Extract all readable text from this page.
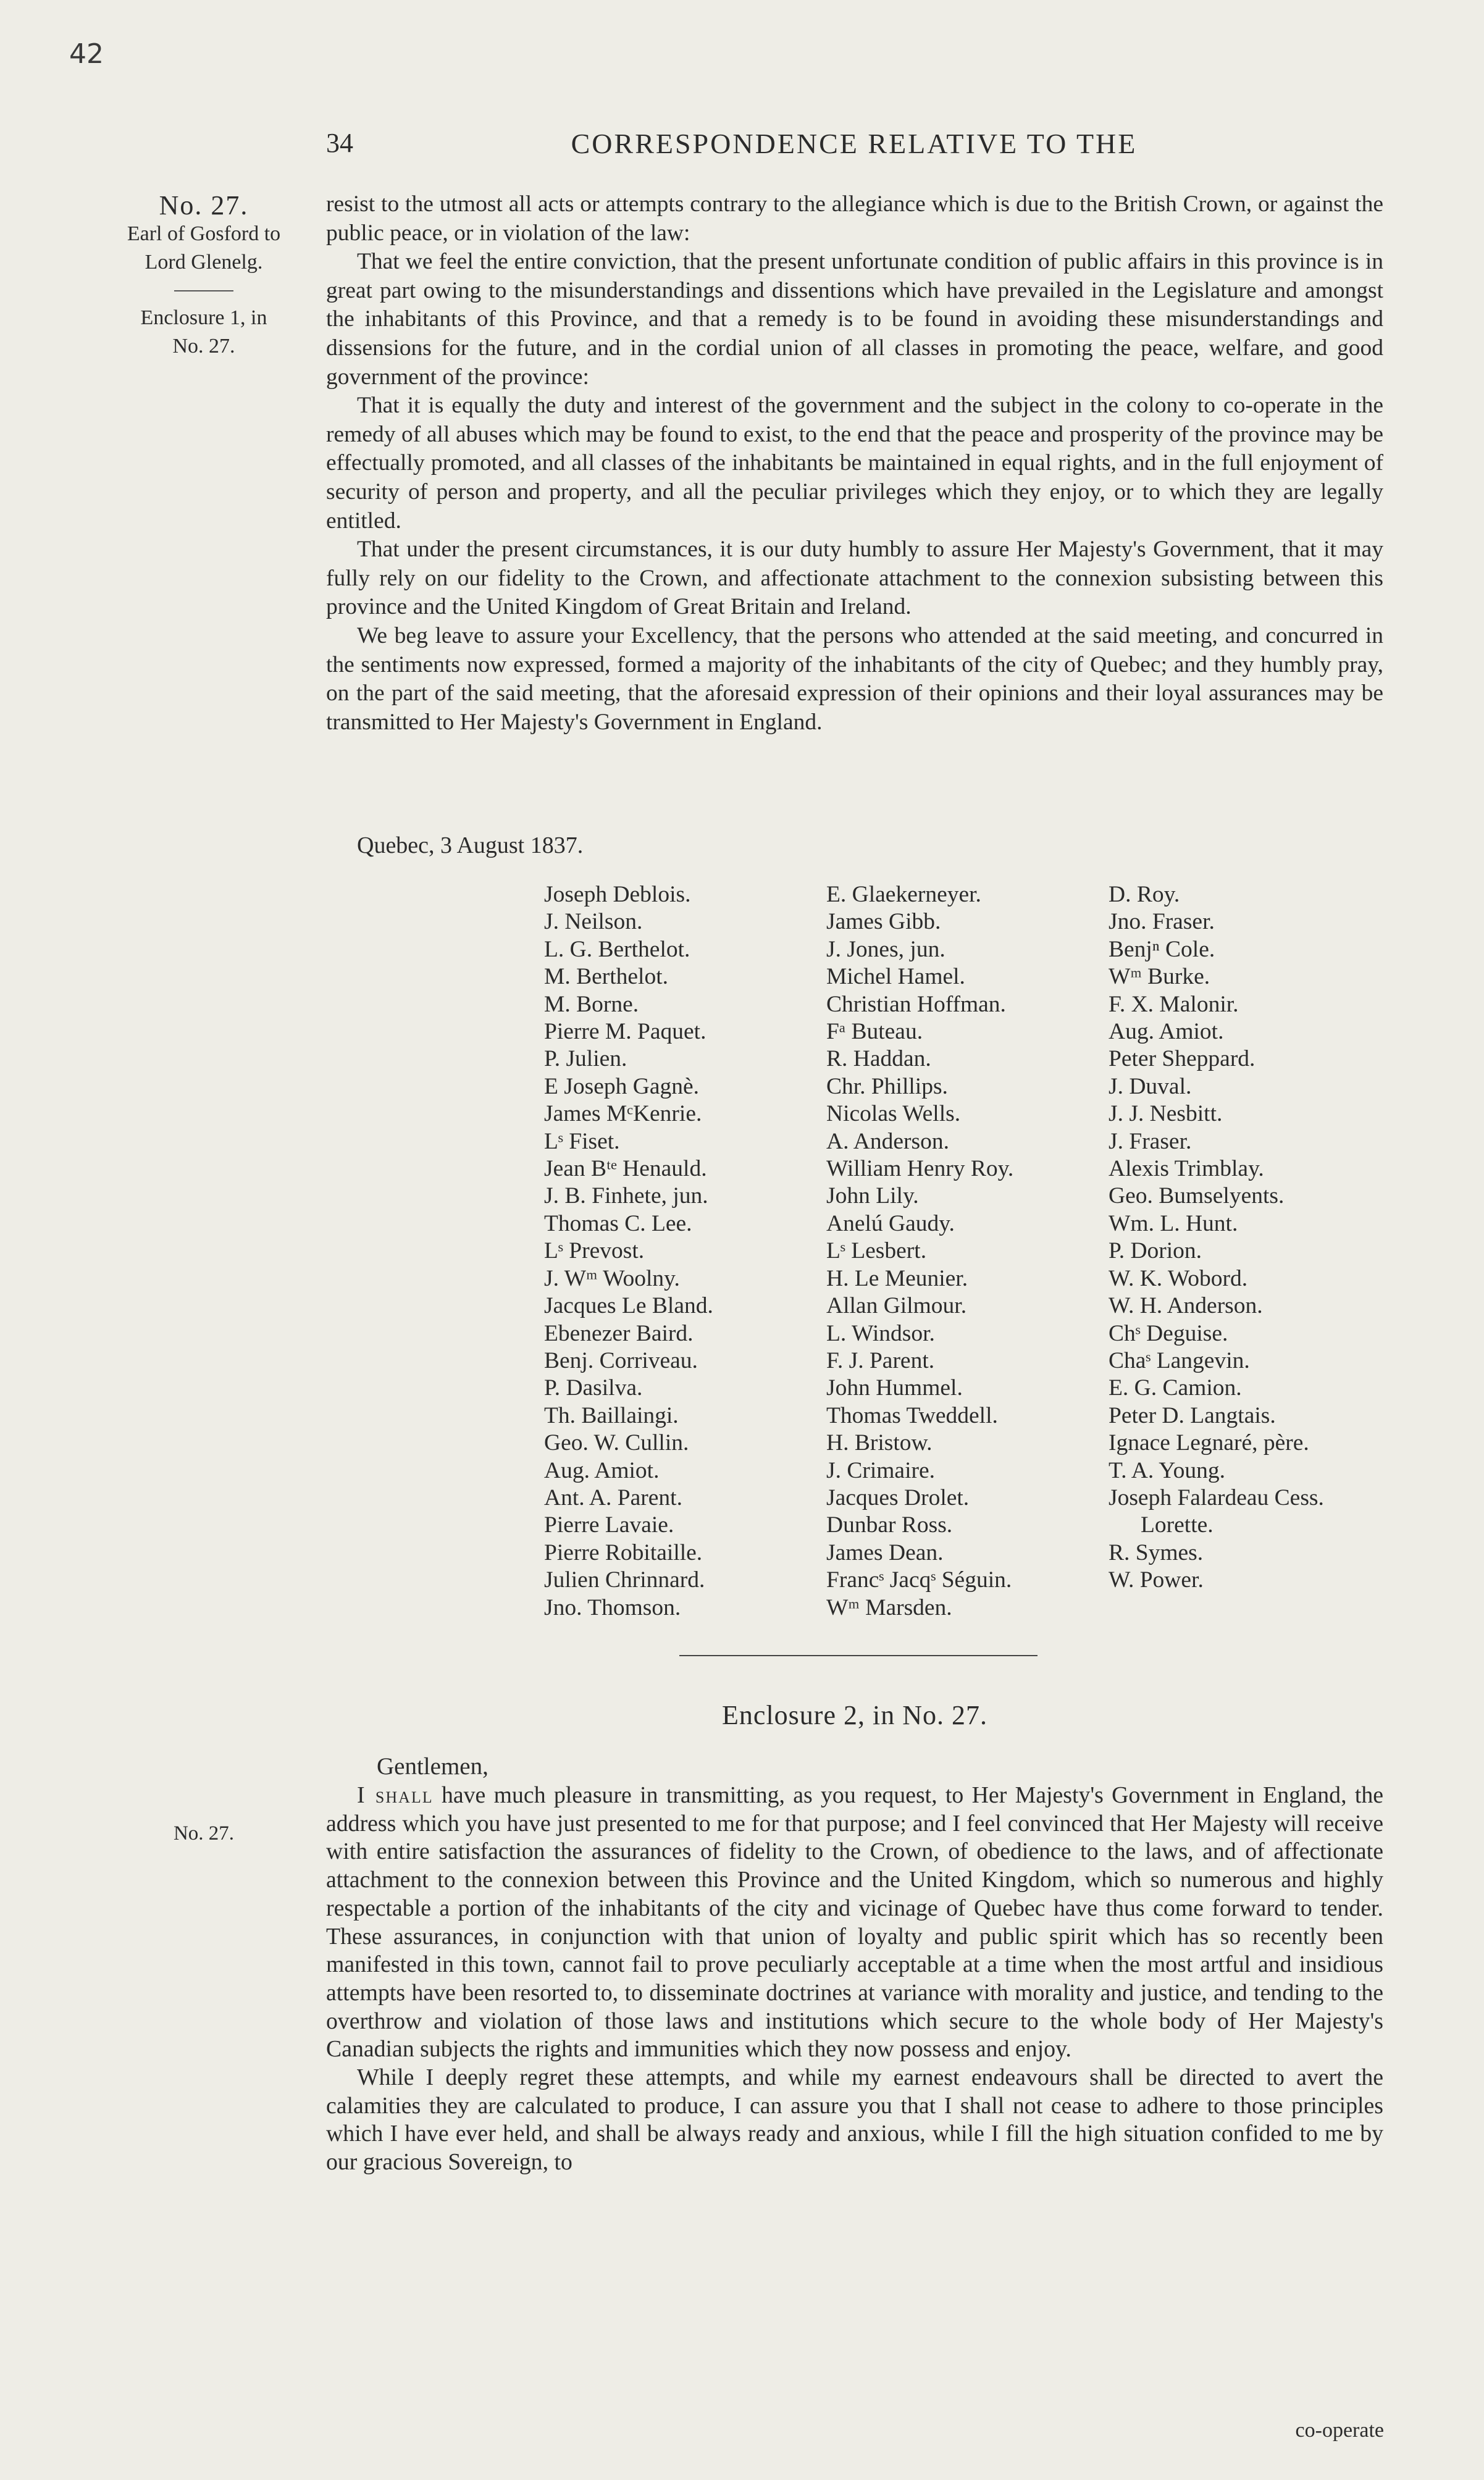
42
34	CORRESPONDENCE RELATIVE TO THE
No. 27.
Earl of Gosford to
Lord Glenelg.
Enclosure 1, in
No. 27.

resist to the utmost all acts or attempts contrary to the allegiance which is due to the British Crown, or against the public peace, or in violation of the law:

That we feel the entire conviction, that the present unfortunate condition of public affairs in this province is in great part owing to the misunderstandings and dissentions which have prevailed in the Legislature and amongst the inhabitants of this Province, and that a remedy is to be found in avoiding these misunderstandings and dissensions for the future, and in the cordial union of all classes in promoting the peace, welfare, and good government of the province:

That it is equally the duty and interest of the government and the subject in the colony to co-operate in the remedy of all abuses which may be found to exist, to the end that the peace and prosperity of the province may be effectually promoted, and all classes of the inhabitants be maintained in equal rights, and in the full enjoyment of security of person and property, and all the peculiar privileges which they enjoy, or to which they are legally entitled.

That under the present circumstances, it is our duty humbly to assure Her Majesty's Government, that it may fully rely on our fidelity to the Crown, and affectionate attachment to the connexion subsisting between this province and the United Kingdom of Great Britain and Ireland.

We beg leave to assure your Excellency, that the persons who attended at the said meeting, and concurred in the sentiments now expressed, formed a majority of the inhabitants of the city of Quebec; and they humbly pray, on the part of the said meeting, that the aforesaid expression of their opinions and their loyal assurances may be transmitted to Her Majesty's Government in England.

Quebec, 3 August 1837.
Joseph Deblois.
J. Neilson.
L. G. Berthelot.
M. Berthelot.
M. Borne.
Pierre M. Paquet.
P. Julien.
E Joseph Gagnè.
James MᶜKenrie.
Lˢ Fiset.
Jean Bᵗᵉ Henauld.
J. B. Finhete, jun.
Thomas C. Lee.
Lˢ Prevost.
J. Wᵐ Woolny.
Jacques Le Bland.
Ebenezer Baird.
Benj. Corriveau.
P. Dasilva.
Th. Baillaingi.
Geo. W. Cullin.
Aug. Amiot.
Ant. A. Parent.
Pierre Lavaie.
Pierre Robitaille.
Julien Chrinnard.
Jno. Thomson.
E. Glaekerneyer.
James Gibb.
J. Jones, jun.
Michel Hamel.
Christian Hoffman.
Fᵃ Buteau.
R. Haddan.
Chr. Phillips.
Nicolas Wells.
A. Anderson.
William Henry Roy.
John Lily.
Anelú Gaudy.
Lˢ Lesbert.
H. Le Meunier.
Allan Gilmour.
L. Windsor.
F. J. Parent.
John Hummel.
Thomas Tweddell.
H. Bristow.
J. Crimaire.
Jacques Drolet.
Dunbar Ross.
James Dean.
Francˢ Jacqˢ Séguin.
Wᵐ Marsden.
D. Roy.
Jno. Fraser.
Benjⁿ Cole.
Wᵐ Burke.
F. X. Malonir.
Aug. Amiot.
Peter Sheppard.
J. Duval.
J. J. Nesbitt.
J. Fraser.
Alexis Trimblay.
Geo. Bumselyents.
Wm. L. Hunt.
P. Dorion.
W. K. Wobord.
W. H. Anderson.
Chˢ Deguise.
Chaˢ Langevin.
E. G. Camion.
Peter D. Langtais.
Ignace Legnaré, père.
T. A. Young.
Joseph Falardeau Cess.
Lorette.
R. Symes.
W. Power.
Enclosure 2, in No. 27.
Gentlemen,
No. 27.

I shall have much pleasure in transmitting, as you request, to Her Majesty's Government in England, the address which you have just presented to me for that purpose; and I feel convinced that Her Majesty will receive with entire satisfaction the assurances of fidelity to the Crown, of obedience to the laws, and of affectionate attachment to the connexion between this Province and the United Kingdom, which so numerous and highly respectable a portion of the inhabitants of the city and vicinage of Quebec have thus come forward to tender. These assurances, in conjunction with that union of loyalty and public spirit which has so recently been manifested in this town, cannot fail to prove peculiarly acceptable at a time when the most artful and insidious attempts have been resorted to, to disseminate doctrines at variance with morality and justice, and tending to the overthrow and violation of those laws and institutions which secure to the whole body of Her Majesty's Canadian subjects the rights and immunities which they now possess and enjoy.

While I deeply regret these attempts, and while my earnest endeavours shall be directed to avert the calamities they are calculated to produce, I can assure you that I shall not cease to adhere to those principles which I have ever held, and shall be always ready and anxious, while I fill the high situation confided to me by our gracious Sovereign, to

co-operate
